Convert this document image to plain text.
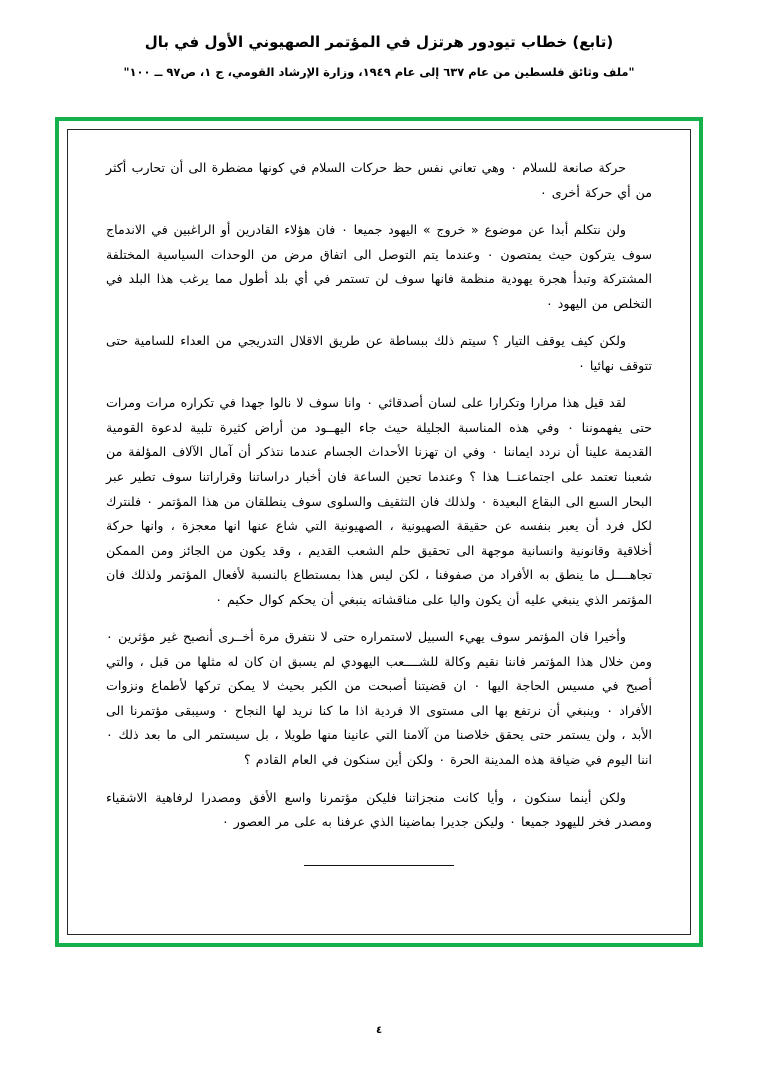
(تابع) خطاب تيودور هرتزل في المؤتمر الصهيوني الأول في بال
"ملف وثائق فلسطين من عام ٦٣٧ إلى عام ١٩٤٩، وزارة الإرشاد القومي، ج ١، ص٩٧ ــ ١٠٠"

حركة صانعة للسلام ٠ وهي تعاني نفس حظ حركات السلام في كونها مضطرة الى أن تحارب أكثر من أي حركة أخرى ٠

ولن نتكلم أبدا عن موضوع « خروج » اليهود جميعا ٠ فان هؤلاء القادرين أو الراغبين في الاندماج سوف يتركون حيث يمتصون ٠ وعندما يتم التوصل الى اتفاق مرض من الوحدات السياسية المختلفة المشتركة وتبدأ هجرة يهودية منظمة فانها سوف لن تستمر في أي بلد أطول مما يرغب هذا البلد في التخلص من اليهود ٠

ولكن كيف يوقف التيار ؟ سيتم ذلك ببساطة عن طريق الاقلال التدريجي من العداء للسامية حتى تتوقف نهائيا ٠

لقد قيل هذا مرارا وتكرارا على لسان أصدقائي ٠ وانا سوف لا نالوا جهدا في تكراره مرات ومرات حتى يفهموننا ٠ وفي هذه المناسبة الجليلة حيث جاء اليهــود من أراض كثيرة تلبية لدعوة القومية القديمة علينا أن نردد ايماننا ٠ وفي ان تهزنا الأحداث الجسام عندما نتذكر أن آمال الآلاف المؤلفة من شعبنا تعتمد على اجتماعنــا هذا ؟ وعندما تحين الساعة فان أخبار دراساتنا وقراراتنا سوف تطير عبر البحار السبع الى البقاع البعيدة ٠ ولذلك فان التثقيف والسلوى سوف ينطلقان من هذا المؤتمر ٠ فلنترك لكل فرد أن يعبر بنفسه عن حقيقة الصهيونية ، الصهيونية التي شاع عنها انها معجزة ، وانها حركة أخلاقية وقانونية وانسانية موجهة الى تحقيق حلم الشعب القديم ، وقد يكون من الجائز ومن الممكن تجاهــــل ما ينطق به الأفراد من صفوفنا ، لكن ليس هذا بمستطاع بالنسبة لأفعال المؤتمر ولذلك فان المؤتمر الذي ينبغي عليه أن يكون واليا على مناقشاته ينبغي أن يحكم كوال حكيم ٠

وأخيرا فان المؤتمر سوف يهيء السبيل لاستمراره حتى لا نتفرق مرة أخــرى أنصبح غير مؤثرين ٠ ومن خلال هذا المؤتمر فاننا نقيم وكالة للشــــعب اليهودي لم يسبق ان كان له مثلها من قبل ، والتي أصبح في مسيس الحاجة اليها ٠ ان قضيتنا أصبحت من الكبر بحيث لا يمكن تركها لأطماع ونزوات الأفراد ٠ وينبغي أن نرتفع بها الى مستوى الا فردية اذا ما كنا نريد لها النجاح ٠ وسيبقى مؤتمرنا الى الأبد ، ولن يستمر حتى يحقق خلاصنا من آلامنا التي عانينا منها طويلا ، بل سيستمر الى ما بعد ذلك ٠ اننا اليوم في ضيافة هذه المدينة الحرة ٠ ولكن أين سنكون في العام القادم ؟

ولكن أينما سنكون ، وأيا كانت منجزاتنا فليكن مؤتمرنا واسع الأفق ومصدرا لرفاهية الاشقياء ومصدر فخر لليهود جميعا ٠ وليكن جديرا بماضينا الذي عرفنا به على مر العصور ٠

٤
